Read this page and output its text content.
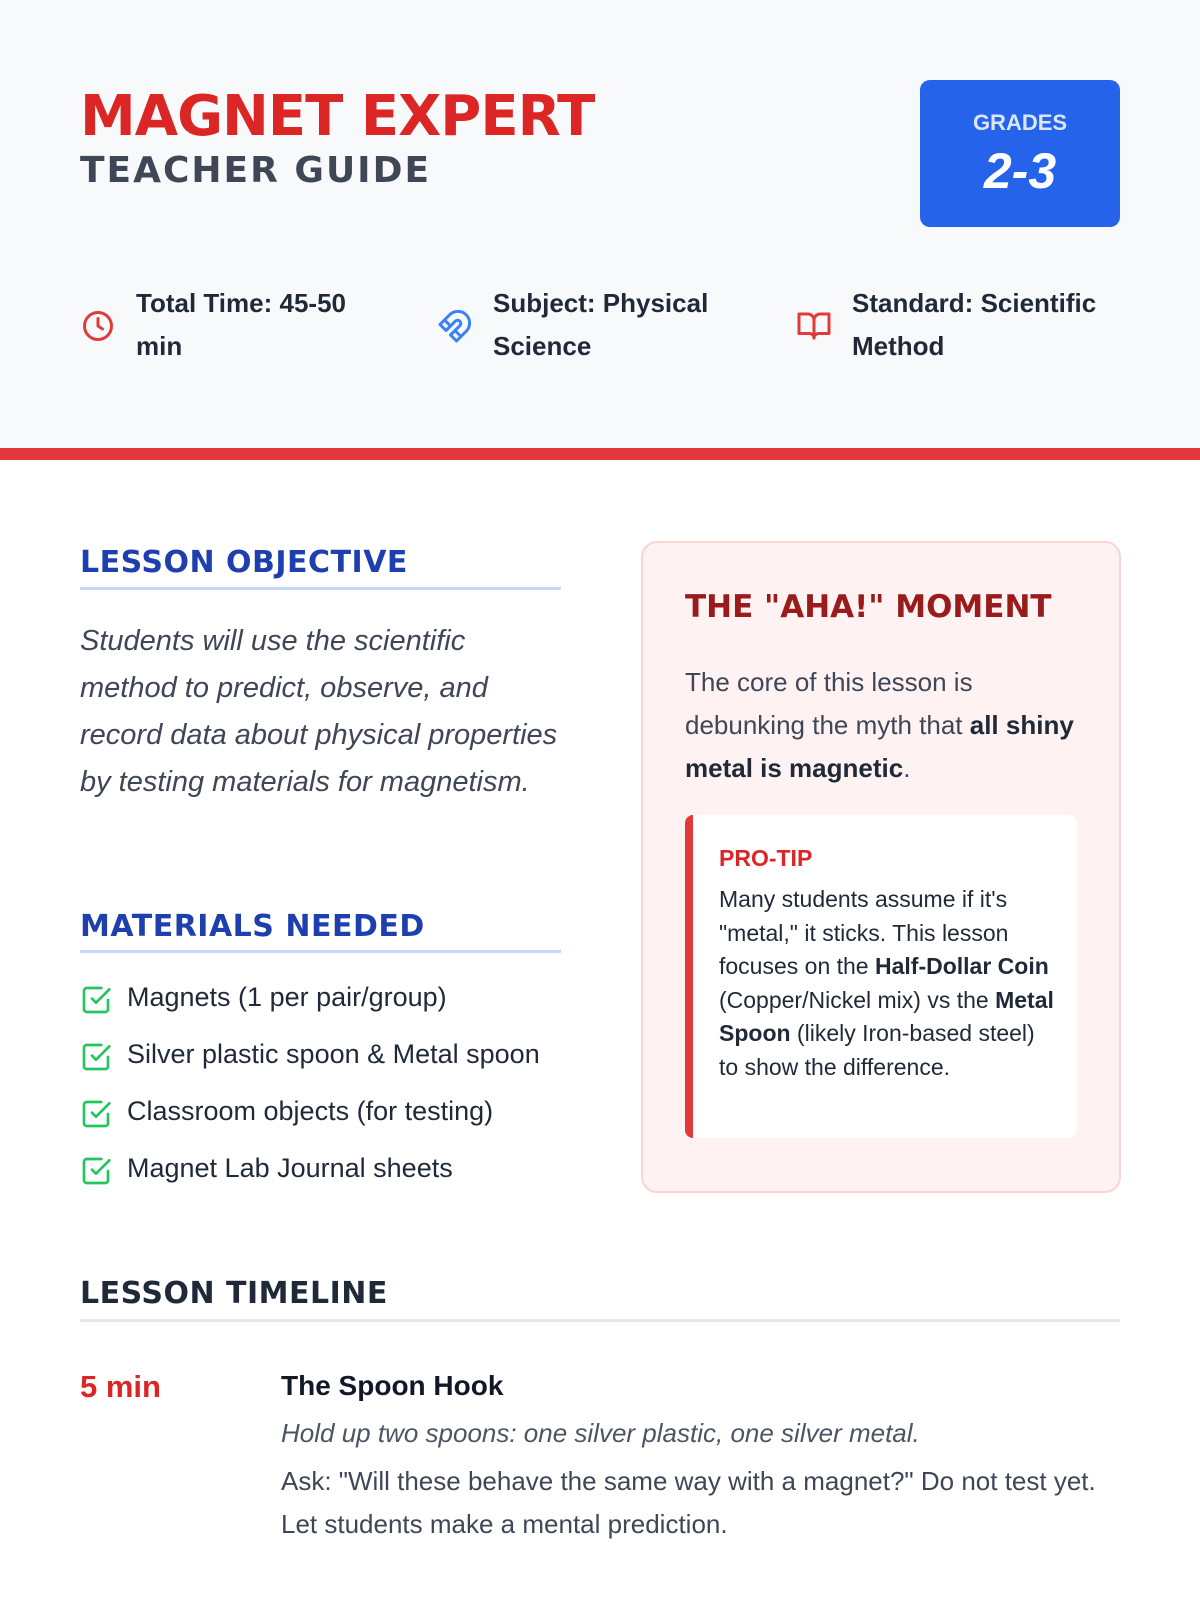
MAGNET EXPERT
TEACHER GUIDE
GRADES
2-3
Total Time: 45-50 min
Subject: Physical Science
Standard: Scientific Method
LESSON OBJECTIVE
Students will use the scientific method to predict, observe, and record data about physical properties by testing materials for magnetism.
MATERIALS NEEDED
Magnets (1 per pair/group)
Silver plastic spoon & Metal spoon
Classroom objects (for testing)
Magnet Lab Journal sheets
THE "AHA!" MOMENT
The core of this lesson is debunking the myth that all shiny metal is magnetic.
PRO-TIP
Many students assume if it's "metal," it sticks. This lesson focuses on the Half-Dollar Coin (Copper/Nickel mix) vs the Metal Spoon (likely Iron-based steel) to show the difference.
LESSON TIMELINE
5 min	The Spoon Hook
Hold up two spoons: one silver plastic, one silver metal.
Ask: "Will these behave the same way with a magnet?" Do not test yet. Let students make a mental prediction.
